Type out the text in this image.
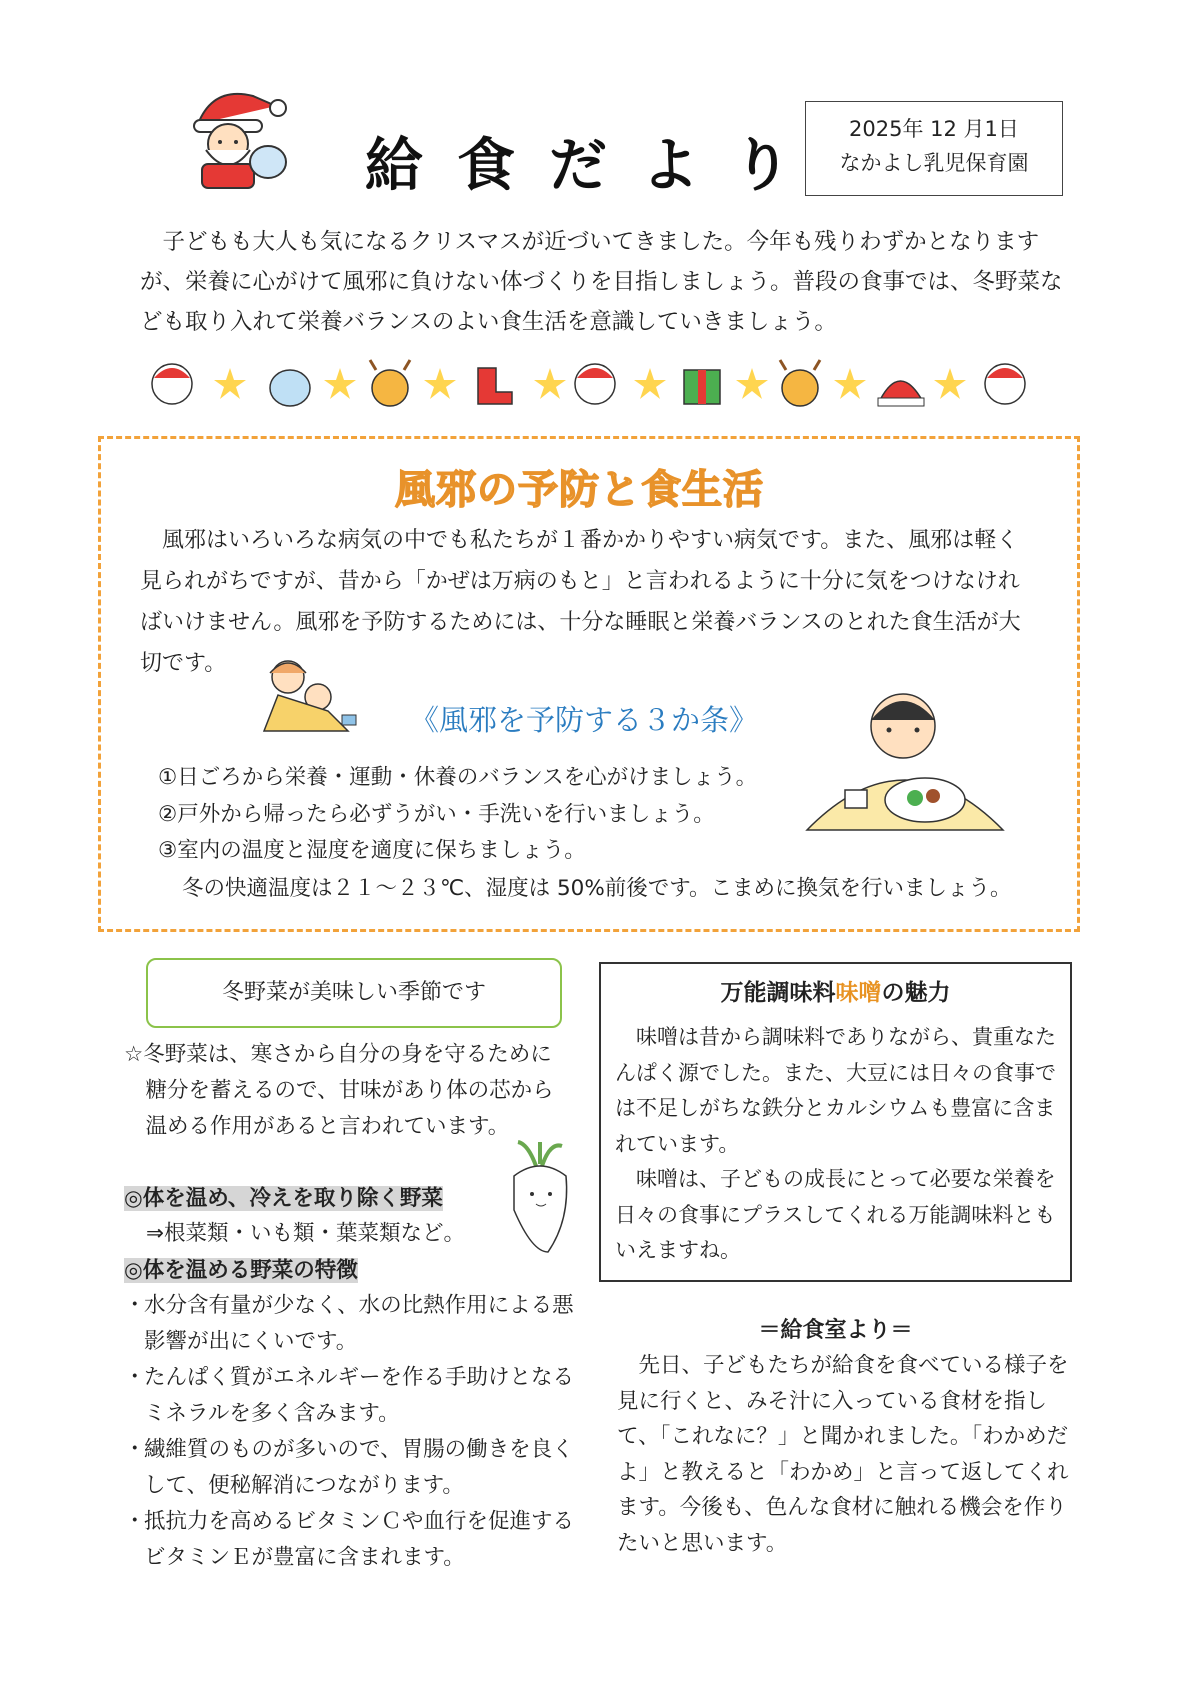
給食だより
2025年 12 月1日
なかよし乳児保育園
　子どもも大人も気になるクリスマスが近づいてきました。今年も残りわずかとなりますが、栄養に心がけて風邪に負けない体づくりを目指しましょう。普段の食事では、冬野菜なども取り入れて栄養バランスのよい食生活を意識していきましょう。
風邪の予防と食生活
　風邪はいろいろな病気の中でも私たちが１番かかりやすい病気です。また、風邪は軽く見られがちですが、昔から「かぜは万病のもと」と言われるように十分に気をつけなければいけません。風邪を予防するためには、十分な睡眠と栄養バランスのとれた食生活が大切です。
《風邪を予防する３か条》
①日ごろから栄養・運動・休養のバランスを心がけましょう。
②戸外から帰ったら必ずうがい・手洗いを行いましょう。
③室内の温度と湿度を適度に保ちましょう。
冬の快適温度は２１～２３℃、湿度は 50%前後です。こまめに換気を行いましょう。
冬野菜が美味しい季節です
☆冬野菜は、寒さから自分の身を守るために
　糖分を蓄えるので、甘味があり体の芯から
　温める作用があると言われています。
◎体を温め、冷えを取り除く野菜
⇒根菜類・いも類・葉菜類など。
◎体を温める野菜の特徴
・
水分含有量が少なく、水の比熱作用による悪影響が出にくいです。
・
たんぱく質がエネルギーを作る手助けとなるミネラルを多く含みます。
・
繊維質のものが多いので、胃腸の働きを良くして、便秘解消につながります。
・
抵抗力を高めるビタミンＣや血行を促進するビタミンＥが豊富に含まれます。
万能調味料味噌の魅力
　味噌は昔から調味料でありながら、貴重なたんぱく源でした。また、大豆には日々の食事では不足しがちな鉄分とカルシウムも豊富に含まれています。
　味噌は、子どもの成長にとって必要な栄養を日々の食事にプラスしてくれる万能調味料ともいえますね。
＝給食室より＝
　先日、子どもたちが給食を食べている様子を見に行くと、みそ汁に入っている食材を指して、「これなに？」と聞かれました。「わかめだよ」と教えると「わかめ」と言って返してくれます。今後も、色んな食材に触れる機会を作りたいと思います。
